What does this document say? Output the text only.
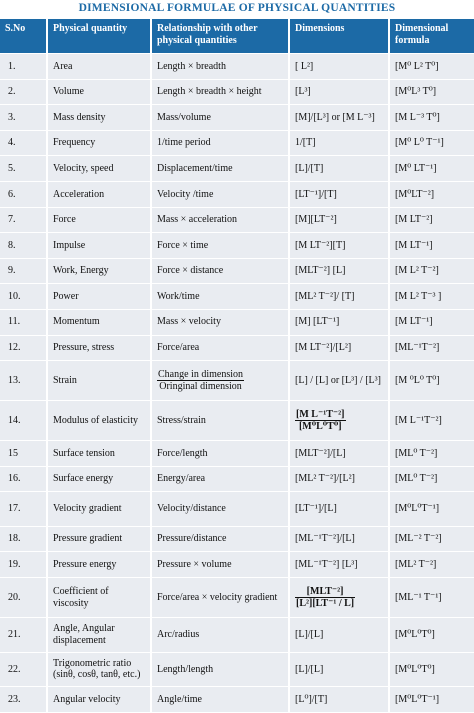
DIMENSIONAL FORMULAE OF PHYSICAL QUANTITIES
S.No	Physical quantity	Relationship with other physical quantities	Dimensions	Dimensional formula
1.	Area	Length × breadth	[ L²]	[M⁰ L² T⁰]
2.	Volume	Length × breadth × height	[L³]	[M⁰L³ T⁰]
3.	Mass density	Mass/volume	[M]/[L³] or [M L⁻³]	[M L⁻³ T⁰]
4.	Frequency	1/time period	1/[T]	[M⁰ L⁰ T⁻¹]
5.	Velocity, speed	Displacement/time	[L]/[T]	[M⁰ LT⁻¹]
6.	Acceleration	Velocity /time	[LT⁻¹]/[T]	[M⁰LT⁻²]
7.	Force	Mass × acceleration	[M][LT⁻²]	[M LT⁻²]
8.	Impulse	Force × time	[M LT⁻²][T]	[M LT⁻¹]
9.	Work, Energy	Force × distance	[MLT⁻²] [L]	[M L² T⁻²]
10.	Power	Work/time	[ML² T⁻²]/ [T]	[M L² T⁻³ ]
11.	Momentum	Mass × velocity	[M] [LT⁻¹]	[M LT⁻¹]
12.	Pressure, stress	Force/area	[M LT⁻²]/[L²]	[ML⁻¹T⁻²]
13.	Strain	$\frac{\text{Change in dimension}}{\text{Oringinal dimension}}$	[L] / [L] or [L³] / [L³]	[M ⁰L⁰ T⁰]
14.	Modulus of elasticity	Stress/strain	$\frac{\text{[M L⁻¹T⁻²]}}{\text{[M⁰L⁰T⁰]}}$	[M L⁻¹T⁻²]
15	Surface tension	Force/length	[MLT⁻²]/[L]	[ML⁰ T⁻²]
16.	Surface energy	Energy/area	[ML² T⁻²]/[L²]	[ML⁰ T⁻²]
17.	Velocity gradient	Velocity/distance	[LT⁻¹]/[L]	[M⁰L⁰T⁻¹]
18.	Pressure gradient	Pressure/distance	[ML⁻¹T⁻²]/[L]	[ML⁻² T⁻²]
19.	Pressure energy	Pressure × volume	[ML⁻¹T⁻²] [L³]	[ML² T⁻²]
20.	Coefficient of viscosity	Force/area × velocity gradient	$\frac{\text{[MLT⁻²]}}{\text{[L²][LT⁻¹ / L]}}$	[ML⁻¹ T⁻¹]
21.	Angle, Angular displacement	Arc/radius	[L]/[L]	[M⁰L⁰T⁰]
22.	Trigonometric ratio (sinθ, cosθ, tanθ, etc.)	Length/length	[L]/[L]	[M⁰L⁰T⁰]
23.	Angular velocity	Angle/time	[L⁰]/[T]	[M⁰L⁰T⁻¹]
